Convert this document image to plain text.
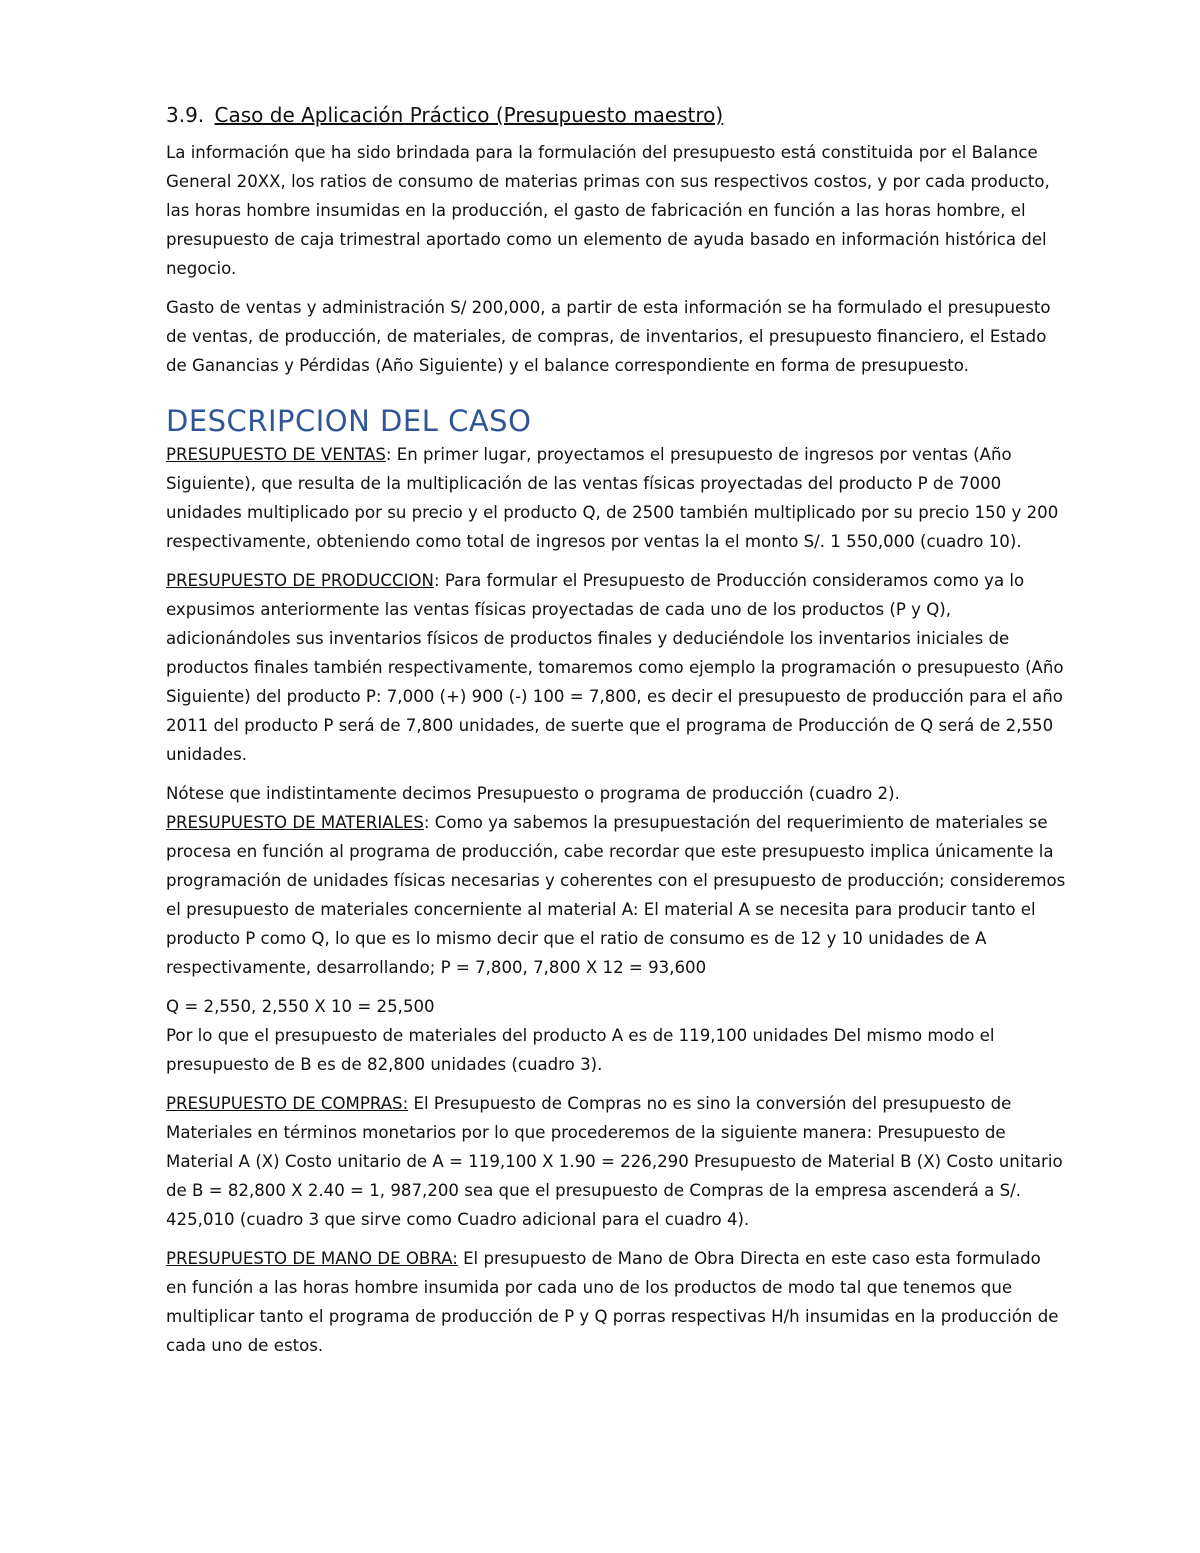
3.9. Caso de Aplicación Práctico (Presupuesto maestro)

La información que ha sido brindada para la formulación del presupuesto está constituida por el Balance General 20XX, los ratios de consumo de materias primas con sus respectivos costos, y por cada producto, las horas hombre insumidas en la producción, el gasto de fabricación en función a las horas hombre, el presupuesto de caja trimestral aportado como un elemento de ayuda basado en información histórica del negocio.

Gasto de ventas y administración S/ 200,000, a partir de esta información se ha formulado el presupuesto de ventas, de producción, de materiales, de compras, de inventarios, el presupuesto financiero, el Estado de Ganancias y Pérdidas (Año Siguiente) y el balance correspondiente en forma de presupuesto.

DESCRIPCION DEL CASO

PRESUPUESTO DE VENTAS: En primer lugar, proyectamos el presupuesto de ingresos por ventas (Año Siguiente), que resulta de la multiplicación de las ventas físicas proyectadas del producto P de 7000 unidades multiplicado por su precio y el producto Q, de 2500 también multiplicado por su precio 150 y 200 respectivamente, obteniendo como total de ingresos por ventas la el monto S/. 1 550,000 (cuadro 10).

PRESUPUESTO DE PRODUCCION: Para formular el Presupuesto de Producción consideramos como ya lo expusimos anteriormente las ventas físicas proyectadas de cada uno de los productos (P y Q), adicionándoles sus inventarios físicos de productos finales y deduciéndole los inventarios iniciales de productos finales también respectivamente, tomaremos como ejemplo la programación o presupuesto (Año Siguiente) del producto P: 7,000 (+) 900 (-) 100 = 7,800, es decir el presupuesto de producción para el año 2011 del producto P será de 7,800 unidades, de suerte que el programa de Producción de Q será de 2,550 unidades.

Nótese que indistintamente decimos Presupuesto o programa de producción (cuadro 2).

PRESUPUESTO DE MATERIALES: Como ya sabemos la presupuestación del requerimiento de materiales se procesa en función al programa de producción, cabe recordar que este presupuesto implica únicamente la programación de unidades físicas necesarias y coherentes con el presupuesto de producción; consideremos el presupuesto de materiales concerniente al material A: El material A se necesita para producir tanto el producto P como Q, lo que es lo mismo decir que el ratio de consumo es de 12 y 10 unidades de A respectivamente, desarrollando; P = 7,800, 7,800 X 12 = 93,600

Q = 2,550, 2,550 X 10 = 25,500

Por lo que el presupuesto de materiales del producto A es de 119,100 unidades Del mismo modo el presupuesto de B es de 82,800 unidades (cuadro 3).

PRESUPUESTO DE COMPRAS: El Presupuesto de Compras no es sino la conversión del presupuesto de Materiales en términos monetarios por lo que procederemos de la siguiente manera: Presupuesto de Material A (X) Costo unitario de A = 119,100 X 1.90 = 226,290 Presupuesto de Material B (X) Costo unitario de B = 82,800 X 2.40 = 1, 987,200 sea que el presupuesto de Compras de la empresa ascenderá a S/. 425,010 (cuadro 3 que sirve como Cuadro adicional para el cuadro 4).

PRESUPUESTO DE MANO DE OBRA: El presupuesto de Mano de Obra Directa en este caso esta formulado en función a las horas hombre insumida por cada uno de los productos de modo tal que tenemos que multiplicar tanto el programa de producción de P y Q porras respectivas H/h insumidas en la producción de cada uno de estos.
